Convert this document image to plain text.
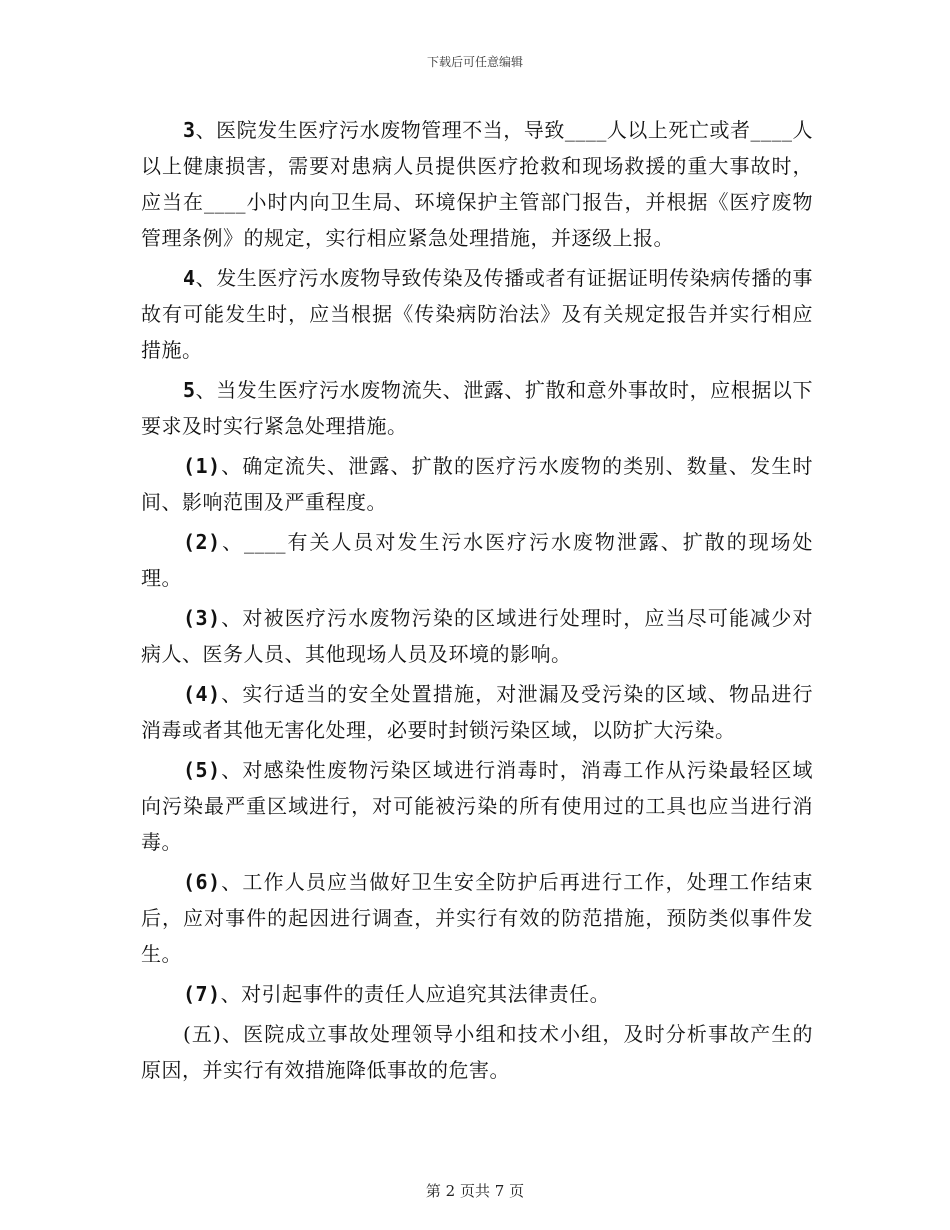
下载后可任意编辑

3、医院发生医疗污水废物管理不当，导致____人以上死亡或者____人以上健康损害，需要对患病人员提供医疗抢救和现场救援的重大事故时，应当在____小时内向卫生局、环境保护主管部门报告，并根据《医疗废物管理条例》的规定，实行相应紧急处理措施，并逐级上报。

4、发生医疗污水废物导致传染及传播或者有证据证明传染病传播的事故有可能发生时，应当根据《传染病防治法》及有关规定报告并实行相应措施。

5、当发生医疗污水废物流失、泄露、扩散和意外事故时，应根据以下要求及时实行紧急处理措施。

(1)、确定流失、泄露、扩散的医疗污水废物的类别、数量、发生时间、影响范围及严重程度。

(2)、____有关人员对发生污水医疗污水废物泄露、扩散的现场处理。

(3)、对被医疗污水废物污染的区域进行处理时，应当尽可能减少对病人、医务人员、其他现场人员及环境的影响。

(4)、实行适当的安全处置措施，对泄漏及受污染的区域、物品进行消毒或者其他无害化处理，必要时封锁污染区域，以防扩大污染。

(5)、对感染性废物污染区域进行消毒时，消毒工作从污染最轻区域向污染最严重区域进行，对可能被污染的所有使用过的工具也应当进行消毒。

(6)、工作人员应当做好卫生安全防护后再进行工作，处理工作结束后，应对事件的起因进行调查，并实行有效的防范措施，预防类似事件发生。

(7)、对引起事件的责任人应追究其法律责任。

(五)、医院成立事故处理领导小组和技术小组，及时分析事故产生的原因，并实行有效措施降低事故的危害。

第 2 页共 7 页
